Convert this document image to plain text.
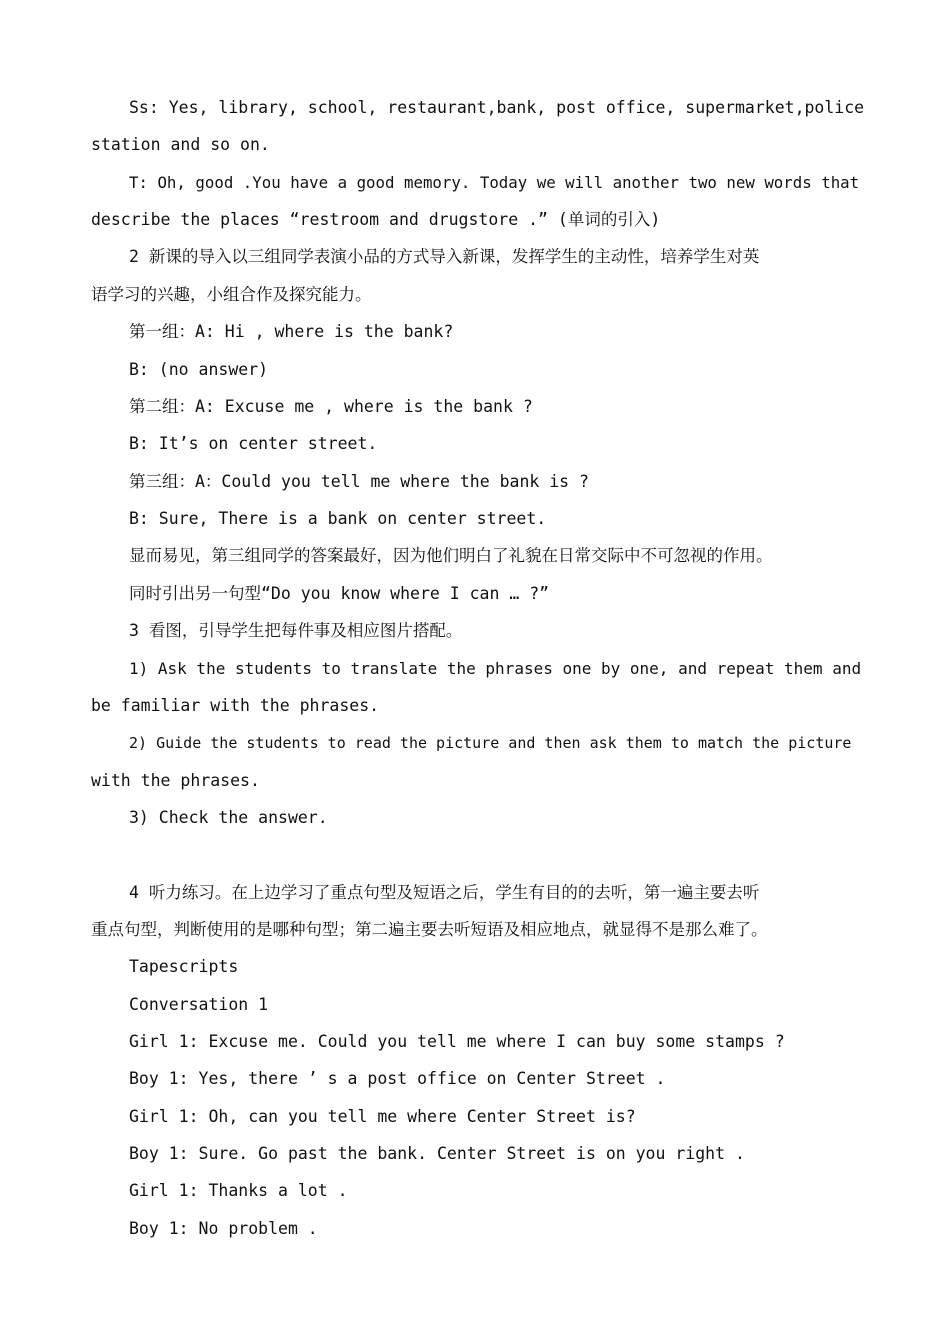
Ss: Yes, library, school, restaurant,bank, post office, supermarket,police
station and so on.
T: Oh, good .You have a good memory. Today we will another two new words that
describe the places “restroom and drugstore .” (单词的引入)
2 新课的导入以三组同学表演小品的方式导入新课，发挥学生的主动性，培养学生对英
语学习的兴趣，小组合作及探究能力。
第一组：A: Hi , where is the bank?
B: (no answer)
第二组：A: Excuse me , where is the bank ?
B: It’s on center street.
第三组：A：Could you tell me where the bank is ?
B: Sure, There is a bank on center street.
显而易见，第三组同学的答案最好，因为他们明白了礼貌在日常交际中不可忽视的作用。
同时引出另一句型“Do you know where I can … ?”
3 看图，引导学生把每件事及相应图片搭配。
1) Ask the students to translate the phrases one by one, and repeat them and
be familiar with the phrases.
2) Guide the students to read the picture and then ask them to match the picture
with the phrases.
3) Check the answer.
4 听力练习。在上边学习了重点句型及短语之后，学生有目的的去听，第一遍主要去听
重点句型，判断使用的是哪种句型；第二遍主要去听短语及相应地点，就显得不是那么难了。
Tapescripts
Conversation 1
Girl 1: Excuse me. Could you tell me where I can buy some stamps ?
Boy 1: Yes, there ’ s a post office on Center Street .
Girl 1: Oh, can you tell me where Center Street is?
Boy 1: Sure. Go past the bank. Center Street is on you right .
Girl 1: Thanks a lot .
Boy 1: No problem .
